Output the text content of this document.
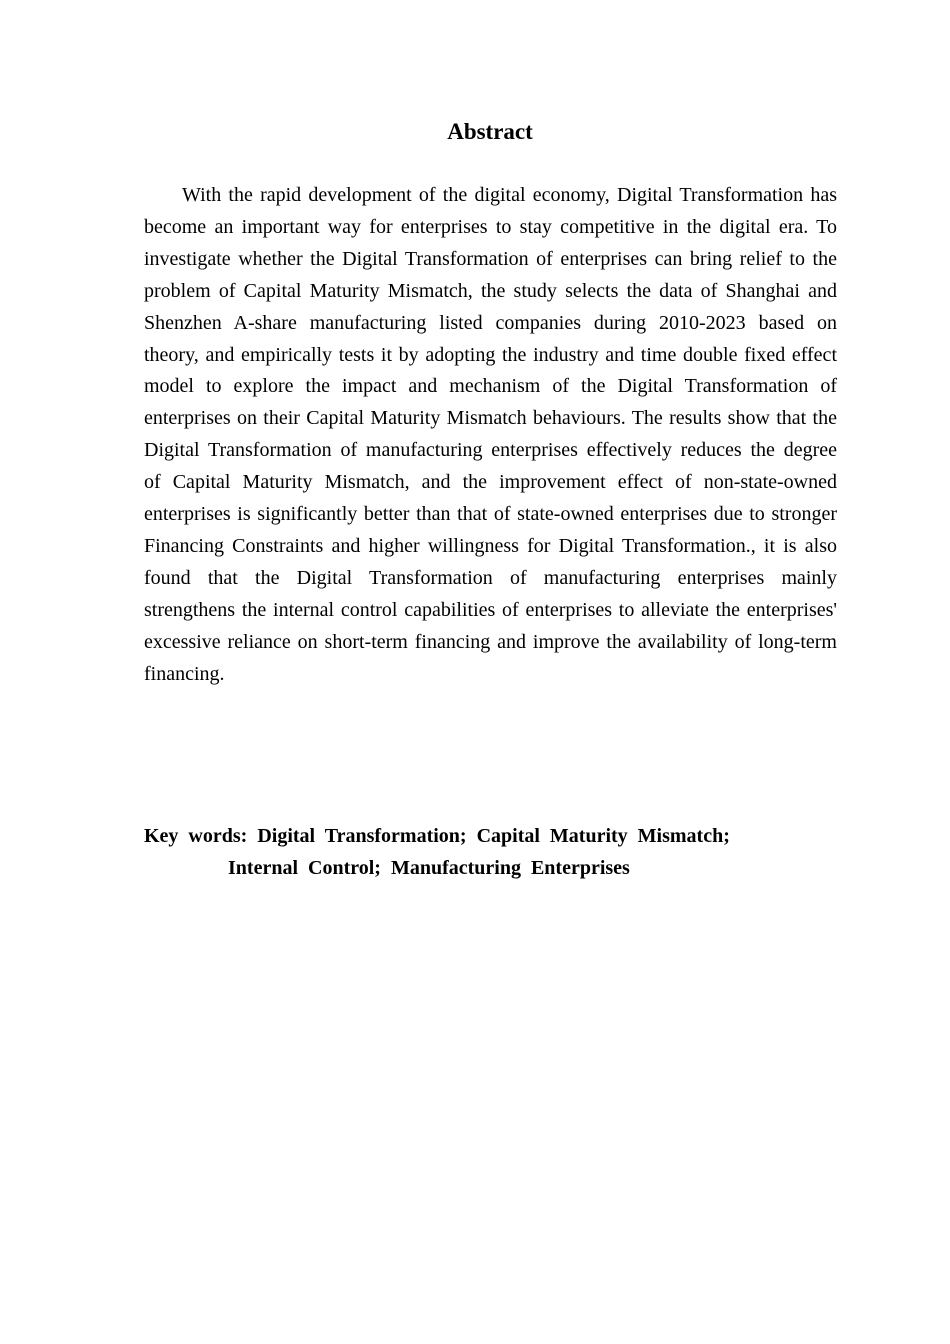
Abstract

With the rapid development of the digital economy, Digital Transformation has become an important way for enterprises to stay competitive in the digital era. To investigate whether the Digital Transformation of enterprises can bring relief to the problem of Capital Maturity Mismatch, the study selects the data of Shanghai and Shenzhen A-share manufacturing listed companies during 2010-2023 based on theory, and empirically tests it by adopting the industry and time double fixed effect model to explore the impact and mechanism of the Digital Transformation of enterprises on their Capital Maturity Mismatch behaviours. The results show that the Digital Transformation of manufacturing enterprises effectively reduces the degree of Capital Maturity Mismatch, and the improvement effect of non-state-owned enterprises is significantly better than that of state-owned enterprises due to stronger Financing Constraints and higher willingness for Digital Transformation., it is also found that the Digital Transformation of manufacturing enterprises mainly strengthens the internal control capabilities of enterprises to alleviate the enterprises' excessive reliance on short-term financing and improve the availability of long-term financing.

Key words: Digital Transformation; Capital Maturity Mismatch;
Internal Control; Manufacturing Enterprises
